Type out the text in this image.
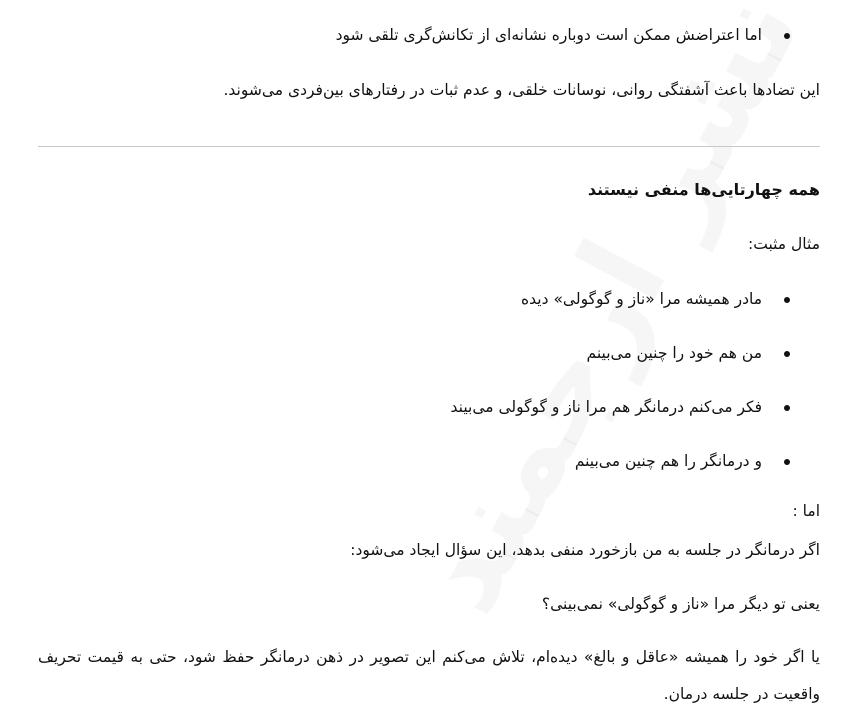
اما اعتراضش ممکن است دوباره نشانه‌ای از تکانش‌گری تلقی شود
این تضادها باعث آشفتگی روانی، نوسانات خلقی، و عدم ثبات در رفتارهای بین‌فردی می‌شوند.
همه چهارتایی‌ها منفی نیستند
مثال مثبت:
مادر همیشه مرا «ناز و گوگولی» دیده
من هم خود را چنین می‌بینم
فکر می‌کنم درمانگر هم مرا ناز و گوگولی می‌بیند
و درمانگر را هم چنین می‌بینم
اما :
اگر درمانگر در جلسه به من بازخورد منفی بدهد، این سؤال ایجاد می‌شود:
یعنی تو دیگر مرا «ناز و گوگولی» نمی‌بینی؟
یا اگر خود را همیشه «عاقل و بالغ» دیده‌ام، تلاش می‌کنم این تصویر در ذهن درمانگر حفظ شود، حتی به قیمت تحریف واقعیت در جلسه درمان.
